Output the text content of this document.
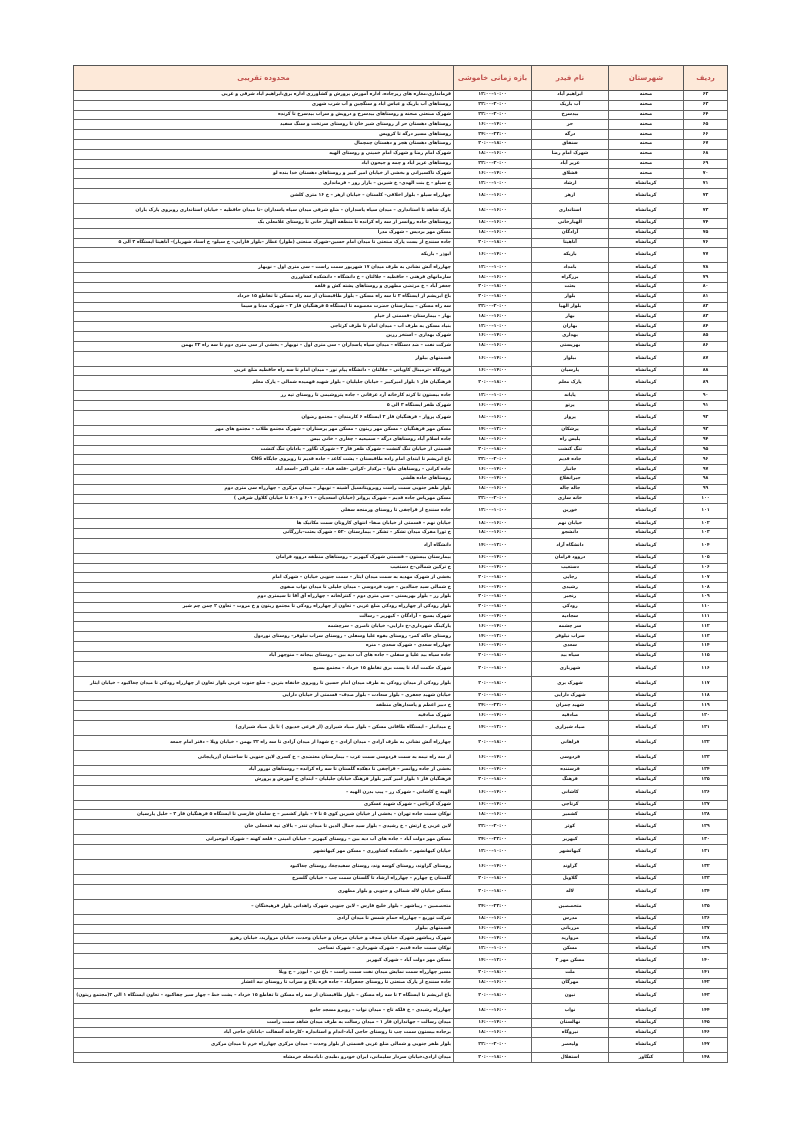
ردیف	شهرستان	نام فیدر	بازه زمانی خاموشی	محدوده تقریبی
۶۲	صحنه	ابراهیم آباد	۱۰:۰۰–۱۲:۰۰	فرمانداری،مغازه های زیرجاده، اداره آموزش پرورش و کشاورزی اداره برق،ابراهیم اباد شرقی و غربی
۶۳	صحنه	آب باریک	۲۰:۰۰–۲۲:۰۰	روستاهای آب باریک و عباس اباد و سنگچین و آب شرب شهری
۶۴	صحنه	بیدسرخ	۲۰:۰۰–۲۲:۰۰	شهرک صنعتی صحنه و روستاهای بیدسرخ و درویش و سراب بیدسرخ تا کرنده
۶۵	صحنه	حر	۱۴:۰۰–۱۶:۰۰	روستاهای دهستان حر از روستای شیر خان تا روستای سرتخت و سنگ سفید
۶۶	صحنه	درگه	۲۲:۰۰–۲۴:۰۰	روستاهای مسیر درگه تا کرویس
۶۷	صحنه	سنقاق	۱۸:۰۰–۲۰:۰۰	روستاهای دهستان هجر و دهستان چمچمال
۶۸	صحنه	شهرک امام رضا	۱۶:۰۰–۱۸:۰۰	شهرک امام رضا و شهرک امام خمینی و روستای الهیه
۶۹	صحنه	عزیز آباد	۲۰:۰۰–۲۲:۰۰	روستاهای عزیز اباد و چمه و جیحون اباد
۷۰	صحنه	قشلاق	۱۴:۰۰–۱۶:۰۰	شهرک تاکسیرانی و بخشی از خیابان امیر کبیر و روستاهای دهستان خدا بنده لو
۷۱	کرمانشاه	ارشاد	۱۰:۰۰–۱۲:۰۰	خ سیلو – خ بنت الهدی– خ شیرین – بازار روز – فرمانداری
۷۲	کرمانشاه	ازهر	۱۶:۰۰–۱۸:۰۰	چهارراه سیلو – بلوار اخلاقی– کلستان – خیابان ازهر – خ ۱۶ متری کلشن
۷۳	کرمانشاه	استانداری	۱۶:۰۰–۱۸:۰۰	پارک شاهد تا استانداری – میدان سپاه پاسداران – ضلع شرقی میدان سپاه پاسداران –تا میدان حافظیه – خیابان استانداری روبروی پارک باران
۷۴	کرمانشاه	الهیارخانی	۱۶:۰۰–۱۸:۰۰	روستاهای جاده روانسر از سه راه کرانده تا منطقه الهیار خانی تا روستای غلامعلی بک
۷۵	کرمانشاه	آزادگان	۱۶:۰۰–۱۸:۰۰	مسکن مهر بردیس – شهرک مدرا
۷۶	کرمانشاه	آناهیتا	۱۸:۰۰–۲۰:۰۰	جاده سنندج از بست پارک صنعتی تا میدان امام حسین–شهرک صنعتی (طوار) عطار –بلوار فارابی– خ سیلو– خ استاد شهریار)– آناهیتا ایستگاه ۳ الی ۵
۷۷	کرمانشاه	بازیکه	۱۴:۰۰–۱۶:۰۰	ابوذر – بازیکه
۷۸	کرمانشاه	بامداد	۱۰:۰۰–۱۲:۰۰	چهارراه آتش نشانی به طرف میدان ۱۷ شهریور سمت راست – سی متری اول – نوبهار
۷۹	کرمانشاه	برزگراه	۱۶:۰۰–۱۸:۰۰	سازمانهای فرهنی – حافظیه – جلالثان – خ دانشگاه – دانشکده کشاورزی
۸۰	کرمانشاه	بعثت	۱۸:۰۰–۲۰:۰۰	جعفر آباد – خ مرتضی مطهری و روستاهای پشته کش و قلقه
۸۱	کرمانشاه	بلوار	۱۸:۰۰–۲۰:۰۰	باغ ابریشم از ایستگاه ۲ تا سه راه مسکن – بلوار طاقبستان از سه راه مسکن تا تقاطع ۱۵ خرداد
۸۲	کرمانشاه	بلوار الهیا	۲۰:۰۰–۲۲:۰۰	سه راه مسکن – بیمارستان حضرت معصومه تا ایستگاه ۵ فرهنگیان فاز ۲ – شهرک مدنا و سیما
۸۳	کرمانشاه	بهار	۱۶:۰۰–۱۸:۰۰	بهار – بیمارستان –قسمتی از خیام
۸۴	کرمانشاه	بهاران	۱۰:۰۰–۱۲:۰۰	بنیاد مسکن به طرف آب – میدان امام تا طرف کرتاجی
۸۵	کرمانشاه	بهداری	۱۴:۰۰–۱۶:۰۰	شهرک بهداری – استخر رزین
۸۶	کرمانشاه	بهزیستی	۱۶:۰۰–۱۸:۰۰	شرکت نفت – ضد دستگاه – میدان سپاه پاسداران – سی متری اول – نوبهار – بخشی از سی متری دوم تا سه راه ۲۲ بهمن
۸۷	کرمانشاه	بیلوار	۱۴:۰۰–۱۶:۰۰	قسمتهای بیلوار
۸۸	کرمانشاه	پارسیان	۱۴:۰۰–۱۶:۰۰	فرودگاه –ترمینال کاویانی – جلالثان – دانشگاه پیام نور – میدان امام تا سه راه حافظیه ضلع غربی
۸۹	کرمانشاه	پارک معلم	۱۸:۰۰–۲۰:۰۰	فرهنگیان فاز ۱ بلوار امیرکبیر – خیابان جلیلیان – بلوار شهید فهمیده شمالی – پارک معلم
۹۰	کرمانشاه	پایانه	۱۰:۰۰–۱۲:۰۰	جاده بیستون تا کرند کارخانه آرد عرفانی – جاده پتروشیمی تا روستای تپه رز
۹۱	کرمانشاه	پرتو	۱۴:۰۰–۱۶:۰۰	شهرک ظفر ایستگاه ۳ الی ۵
۹۲	کرمانشاه	پرواز	۱۶:۰۰–۱۸:۰۰	شهرک پرواز – فرهنگیان فاز ۲ ایستگاه ۶ کارمندان – مجتمع رضوان
۹۳	کرمانشاه	پرشکان	۱۲:۰۰–۱۴:۰۰	مسکن مهر فرهنگیان – مسکن مهر زیتون – مسکن مهر پرستاران – شهرک مجتمع طلاب – مجتمع های مهر
۹۴	کرمانشاه	پلیس راه	۱۶:۰۰–۱۸:۰۰	جاده اسلام آباد روستاهای درگه – سمیعیه – چغاری – خانی بیس
۹۵	کرمانشاه	تنگ کنشت	۱۸:۰۰–۲۰:۰۰	قسمتی از خیابان تنگ کنشت – شهرک ظفر فاز ۳ – شهرک نگاور – بادانان تنگ کنشت
۹۶	کرمانشاه	جاده قدیم	۲۰:۰۰–۲۲:۰۰	باغ ابریشم تا ابتدای امام زاده طاقبستان – پشت کاغذ – جاده قدیم تا روبروی جایگاه CNG
۹۷	کرمانشاه	جانباز	۱۴:۰۰–۱۶:۰۰	جاده کرانی – روستاهای ماوا – برکداز –کرانی –قلعه قباد – علی اکبر –اسعد آباد
۹۸	کرمانشاه	جیرانقلاع	۱۴:۰۰–۱۶:۰۰	روستاهای جاده هلشی
۹۹	کرمانشاه	جاله چاله	۱۶:۰۰–۱۸:۰۰	بلوار ظفر جنوبی سمت راست روبروپتانسیل آشینه – نوبهار – میدان مرکزی – چهارراه سی متری دوم
۱۰۰	کرمانشاه	خانه سازی	۲۰:۰۰–۲۲:۰۰	مسکن مهرپاس جاده قدیم – شهرک پروانر (خیابان اسعدیان – ۶۰۱ و ۸۰۱ تا خیابان کلاول شرقی )
۱۰۱	کرمانشاه	خورین	۱۰:۰۰–۱۲:۰۰	جاده سنندج از قراچقی تا روستای ورمنجه سفلی
۱۰۲	کرمانشاه	خیابان نهم	۱۶:۰۰–۱۸:۰۰	خیابان نهم – قسمتی از خیابان صفا– انتهای کارونان سمت مکانیک ها
۱۰۳	کرمانشاه	دانشجو	۱۶:۰۰–۱۸:۰۰	خ ثورا مقرک میدان تشکر – تشکر – بیمارستان ۵۲۰ – شهرک بعثت–بازرگانی
۱۰۴	کرمانشاه	دانشگاه آزاد	۱۲:۰۰–۱۴:۰۰	دانشگاه آزاد
۱۰۵	کرمانشاه	دروود فرامان	۱۴:۰۰–۱۶:۰۰	بیمارستان بیستون – قسمتی شهرک کیهزیز – روستاهای منطقه دروود فرامان
۱۰۶	کرمانشاه	دستغیب	۱۴:۰۰–۱۶:۰۰	خ ترکین شمالی–خ دستغیب
۱۰۷	کرمانشاه	رجایی	۱۸:۰۰–۲۰:۰۰	بخشی از شهرک مهدیه به سمت میدان ایثار – سمت جنوبی خیابان – شهرک امام
۱۰۸	کرمانشاه	رشیدی	۱۴:۰۰–۱۶:۰۰	خ شمالی سید جمالدین – جوب فردوسی – میدان جلیلی تا میدان نواب صفوی
۱۰۹	کرمانشاه	رنجبر	۱۸:۰۰–۲۰:۰۰	بلوار رز – بلوار بهزیستی – سی متری دوم – کنترلخانه – چهارراه آق آقا تا سیمتری دوم
۱۱۰	کرمانشاه	رودکی	۱۸:۰۰–۲۰:۰۰	بلوار رودکی از چهارراه رودکی ضلع غربی – تعاون از چهارراه رودکی تا مجتمع زیتون و خ مروت – تعاون ۲ چمن چم شیر
۱۱۱	کرمانشاه	سجادیه	۱۴:۰۰–۱۶:۰۰	شهرک بسیج – آزادگان – کیهزیز – رسالت
۱۱۲	کرمانشاه	سر چشمه	۱۴:۰۰–۱۶:۰۰	پارکینگ شهرداری–خ دارایی– خیابان ناصری – سرچشمه
۱۱۳	کرمانشاه	سراب نیلوفر	۱۲:۰۰–۱۴:۰۰	روستای خاکه کمر– روستای بقوه علیا وسفلی – روستای سراب نیلوفر– روستای نوردول
۱۱۴	کرمانشاه	سعدی	۱۴:۰۰–۱۶:۰۰	چهارراه سعدی – شهرک سعدی – منزه
۱۱۵	کرمانشاه	سیاه بید	۱۸:۰۰–۲۰:۰۰	جاده سیاه بید علیا و سفلی – جاده های آب دیه بین – روستای بیجانه – منوچهر آباد
۱۱۶	کرمانشاه	شهربازی	۱۸:۰۰–۲۰:۰۰	شهرک حکمت آباد تا پست برق تقاطع ۱۵ خرداد – مجتمع بسیج
۱۱۷	کرمانشاه	شهرک بری	۱۸:۰۰–۲۰:۰۰	بلوار رودکی از میدان رودکی به طرف میدان امام حسین تا روبروی خانقاه بتزین – ضلع جنوب غربی بلوار تعاون از چهارراه رودکی تا میدان چغاکبود – خیابان ایثار
۱۱۸	کرمانشاه	شهرک دارایی	۱۸:۰۰–۲۰:۰۰	خیابان شهید جعفری – بلوار سعادت – بلوار صدف– قسمتی از خیابان دارایی
۱۱۹	کرمانشاه	شهید چمران	۲۲:۰۰–۲۴:۰۰	خ دبیر اعظم و پاسدارهای منطقه
۱۲۰	کرمانشاه	صادقیه	۱۴:۰۰–۱۶:۰۰	شهرک صادقیه
۱۲۱	کرمانشاه	صیاد شیرازی	۱۲:۰۰–۱۴:۰۰	خ میدانبار – ایستگاه طاقانی مسکن – بلوار صیاد شیرازی (از فرعی خدیوی ) تا پل صیاد شیرازی)
۱۲۲	کرمانشاه	فراهانی	۱۸:۰۰–۲۰:۰۰	چهارراه آتش نشانی به طرف آزادی – میدان آزادی – خ شهدا از میدان آزادی تا سه راه ۲۲ بهمن – خیابان ویلا – دفتر امام جمعه
۱۲۳	کرمانشاه	فردوسی	۱۴:۰۰–۱۶:۰۰	از سه راه نیمه به سمت فردوسی سمت غرب – بیمارستان معتضدی – خ کسری لاین جنوبی تا ساختمان آذرپایجانی
۱۲۴	کرمانشاه	فرستنده	۱۴:۰۰–۱۶:۰۰	بخشی از جاده روانسر – قراچقی تا دهکده گلستان تا سه راه کرانده – روستاهای نوروز آباد
۱۲۵	کرمانشاه	فرهنگ	۱۸:۰۰–۲۰:۰۰	فرهنگیان فاز ۱ بلوار امیر کبیر بلوار فرهنگ خیابان جلیلیان – ابتدای خ آموزش و پرورش
۱۲۶	کرمانشاه	کاشانی	۱۴:۰۰–۱۶:۰۰	الهیه خ کاشانی – شهرک زر – پیپ بدزن الهیه –
۱۲۷	کرمانشاه	کرتاجی	۱۴:۰۰–۱۶:۰۰	شهرک کرتاجی – شهرک شهید عسکری
۱۲۸	کرمانشاه	کشمیر	۱۶:۰۰–۱۸:۰۰	نوکان سمت جاده تهران – بخشی از خیابان شیرین کوی ۵ تا ۷ – بلوار کشمیر – خ سلمان فارسی تا ایستگاه ۵ فرهنگیان فاز ۲ – خلیل پارسیان
۱۲۹	کرمانشاه	کوثر	۲۰:۰۰–۲۲:۰۰	لاین غربی خ ارتش – خ رشیدی – بلوار سید جمال الدین تا میدان تندر – بالای تپه فتحعلی خان
۱۳۰	کرمانشاه	کیهزیز	۲۲:۰۰–۲۴:۰۰	مسکن مهر دولت آباد – جاده های آب دیه بین – روستای کیهزیز – خیابان امینی – قلعه کهنه – شهرک ابوحیرانی
۱۳۱	کرمانشاه	کیهانشهر	۱۰:۰۰–۱۲:۰۰	خیابان کیهانشهر – دانشکده کشاورزی – مسکن مهر کیهانشهر
۱۳۲	کرمانشاه	گراوند	۱۴:۰۰–۱۶:۰۰	روستای گراوند، روستای کوسه وند، روستای سفیدچغا، روستای چغاکبود
۱۳۳	کرمانشاه	گلاویل	۱۸:۰۰–۲۰:۰۰	گلستان خ چهارم – چهارراه ارشاد تا گلستان سمت چپ – خیابان گلسرخ
۱۳۴	کرمانشاه	لاله	۱۸:۰۰–۲۰:۰۰	مسکن خیابان لاله شمالی و جنوبی و بلوار مطهری
۱۳۵	کرمانشاه	متحصصین	۲۲:۰۰–۲۴:۰۰	متحصصین – زیباشهر – بلوار خلیج فارس – لاین جنوبی شهرک زاهدانی بلوار فرهیختگان –
۱۳۶	کرمانشاه	مدرس	۱۶:۰۰–۱۸:۰۰	شرکت توزیع – چهارراه حمام شمس تا میدان آزادی
۱۳۷	کرمانشاه	مرزبانی	۱۴:۰۰–۱۶:۰۰	قسمتهای بیلوار
۱۳۸	کرمانشاه	مروارید	۱۴:۰۰–۱۶:۰۰	شهرک زیباشهر شهرک خیابان صدف و خیابان مرجان و خیابان وحدت، خیابان مروارید، خیابان رهرو
۱۳۹	کرمانشاه	مسکن	۱۰:۰۰–۱۲:۰۰	نوکان سمت جاده قدیم – شهرک شهرداری – شهرک تساجی
۱۴۰	کرمانشاه	مسکن مهر ۲	۱۲:۰۰–۱۴:۰۰	مسکن مهر دولت آباد – شهرک کیهزیز
۱۴۱	کرمانشاه	ملت	۱۸:۰۰–۲۰:۰۰	مسیر چهارراه سمت نمایش میدان نفت سمت راست – باغ نی – ابوذر – خ ویلا
۱۴۲	کرمانشاه	مهرگان	۱۶:۰۰–۱۸:۰۰	جاده سنندج از پارک صنعتی تا روستای جعفرآباد – جاده قره بلاغ و سراب تا روستای نیه اغشار
۱۴۳	کرمانشاه	نیون	۱۸:۰۰–۲۰:۰۰	باغ ابریشم تا ایستگاه ۲ تا سه راه مسکن – بلوار طاقبستان از سه راه مسکن تا تقاطع ۱۵ خرداد – پشت خط – چهار سیر چقاکبود – تعاون ایستگاه ۱ الی ۲(مجتمع زیتون)
۱۴۴	کرمانشاه	نواب	۱۶:۰۰–۱۸:۰۰	چهارراه رشیدی – خ فلکه تاج – میدان نواب – روبرو مسجد جامع
۱۴۵	کرمانشاه	نهالستان	۱۴:۰۰–۱۶:۰۰	میدان رسالت – جهانداران فاز ۱ – میدان رسالت به طرف میدان شاهد سمت راست
۱۴۶	کرمانشاه	نیروگاه	۱۶:۰۰–۱۸:۰۰	برجاده بیستون سمت چپ تا روستای حاجی آباد–اندام و استانداره –کارخانه آسفالت –بادانان حاجی آباد
۱۴۷	کرمانشاه	ولیعصر	۲۰:۰۰–۲۲:۰۰	بلوار ظفر جنوبی و شمالی ضلع غربی قسمتی از بلوار وحدت – میدان مرکزی چهارراه خرم تا میدان مرکزی
۱۴۸	کنگاور	استقلال	۱۸:۰۰–۲۰:۰۰	میدان ازادی،خیابان سردار سلیمانی، ایران خودرو ،طبدی ،ابادمخله خرمشاه
